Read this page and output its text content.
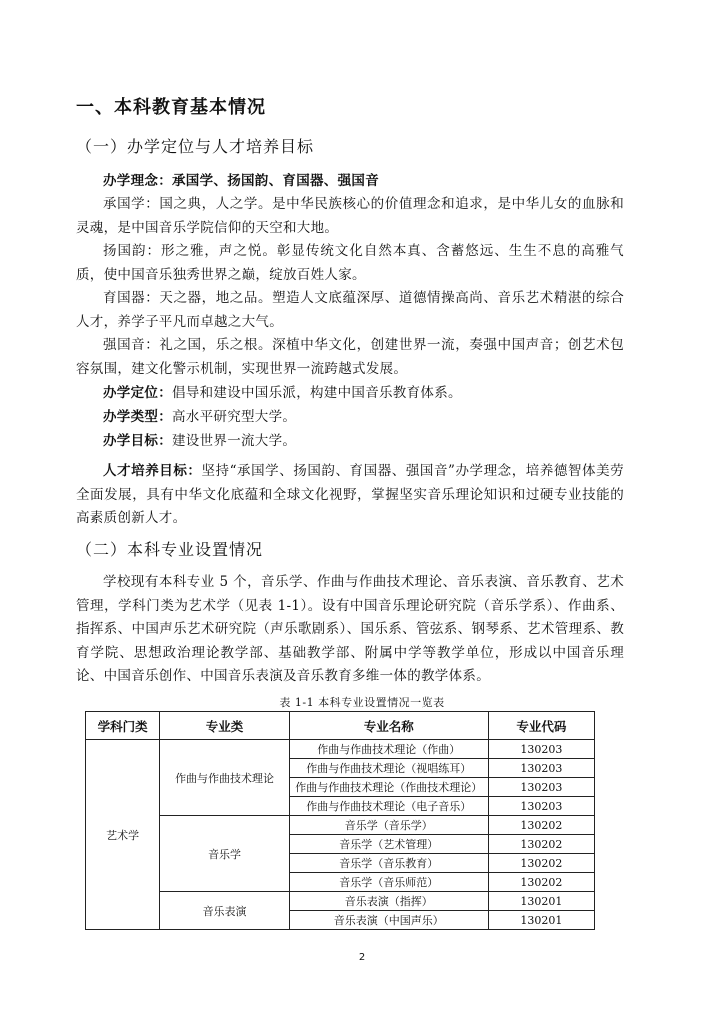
一、本科教育基本情况
（一）办学定位与人才培养目标
办学理念：承国学、扬国韵、育国器、强国音
承国学：国之典，人之学。是中华民族核心的价值理念和追求，是中华儿女的血脉和灵魂，是中国音乐学院信仰的天空和大地。
扬国韵：形之雅，声之悦。彰显传统文化自然本真、含蓄悠远、生生不息的高雅气质，使中国音乐独秀世界之巅，绽放百姓人家。
育国器：天之器，地之品。塑造人文底蕴深厚、道德情操高尚、音乐艺术精湛的综合人才，养学子平凡而卓越之大气。
强国音：礼之国，乐之根。深植中华文化，创建世界一流，奏强中国声音；创艺术包容氛围，建文化警示机制，实现世界一流跨越式发展。
办学定位：倡导和建设中国乐派，构建中国音乐教育体系。
办学类型：高水平研究型大学。
办学目标：建设世界一流大学。
人才培养目标：坚持“承国学、扬国韵、育国器、强国音”办学理念，培养德智体美劳全面发展，具有中华文化底蕴和全球文化视野，掌握坚实音乐理论知识和过硬专业技能的高素质创新人才。
（二）本科专业设置情况
学校现有本科专业 5 个，音乐学、作曲与作曲技术理论、音乐表演、音乐教育、艺术管理，学科门类为艺术学（见表 1-1）。设有中国音乐理论研究院（音乐学系）、作曲系、指挥系、中国声乐艺术研究院（声乐歌剧系）、国乐系、管弦系、钢琴系、艺术管理系、教育学院、思想政治理论教学部、基础教学部、附属中学等教学单位，形成以中国音乐理论、中国音乐创作、中国音乐表演及音乐教育多维一体的教学体系。
表 1-1 本科专业设置情况一览表
学科门类	专业类	专业名称	专业代码
艺术学	作曲与作曲技术理论	作曲与作曲技术理论（作曲）	130203
		作曲与作曲技术理论（视唱练耳）	130203
		作曲与作曲技术理论（作曲技术理论）	130203
		作曲与作曲技术理论（电子音乐）	130203
	音乐学	音乐学（音乐学）	130202
		音乐学（艺术管理）	130202
		音乐学（音乐教育）	130202
		音乐学（音乐师范）	130202
	音乐表演	音乐表演（指挥）	130201
		音乐表演（中国声乐）	130201
2
